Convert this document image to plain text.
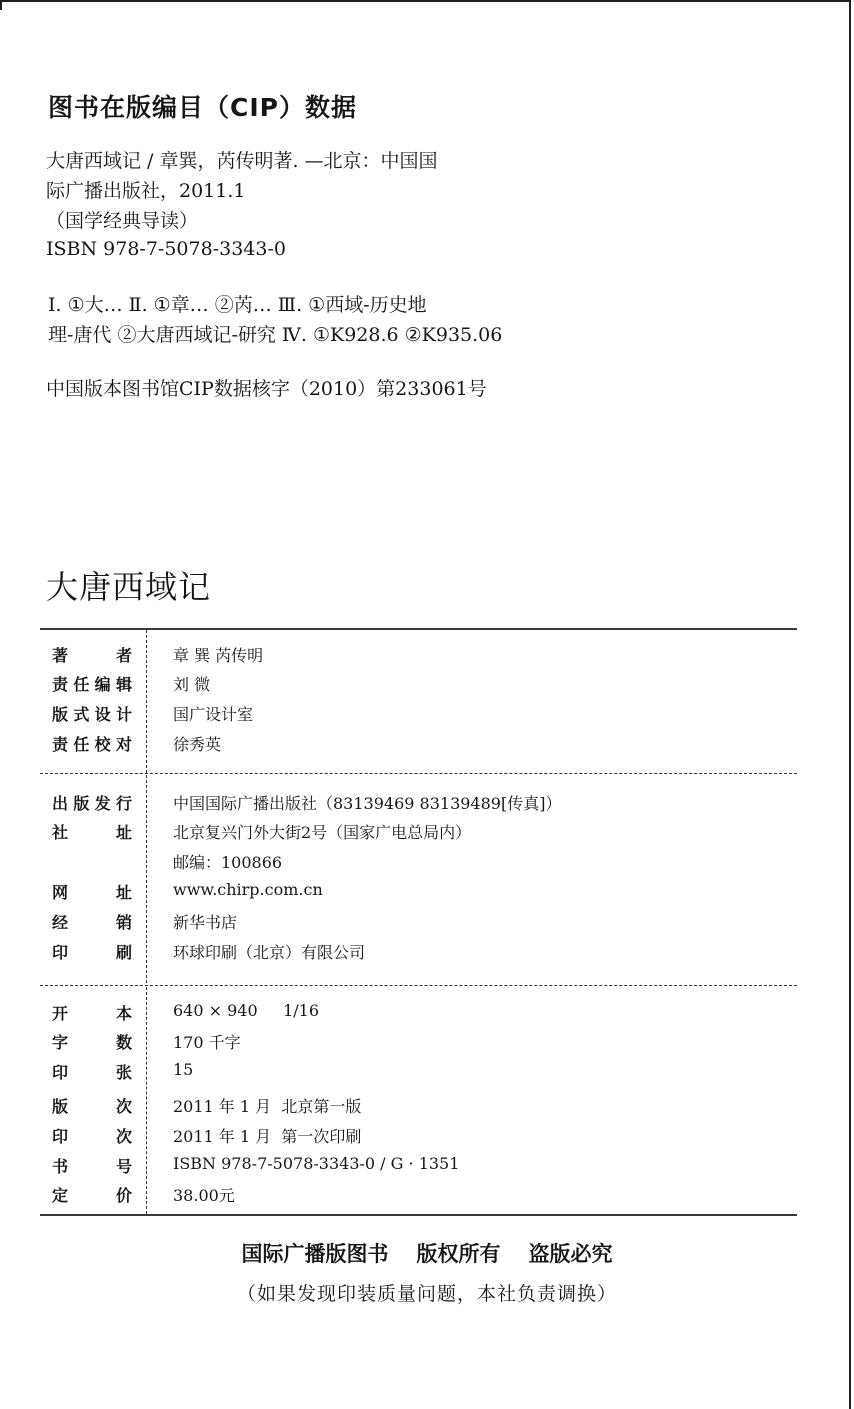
图书在版编目（CIP）数据

大唐西域记 / 章巽，芮传明著. —北京：中国国

际广播出版社，2011.1

（国学经典导读）

ISBN 978-7-5078-3343-0

Ⅰ. ①大… Ⅱ. ①章… ②芮… Ⅲ. ①西域-历史地

理-唐代 ②大唐西域记-研究 Ⅳ. ①K928.6 ②K935.06

中国版本图书馆CIP数据核字（2010）第233061号

大唐西域记
著 者	章 巽 芮传明
责任编辑	刘 微
版式设计	国广设计室
责任校对	徐秀英
出版发行	中国国际广播出版社（83139469 83139489[传真]）
社 址	北京复兴门外大街2号（国家广电总局内）
邮编：100866
网 址	www.chirp.com.cn
经 销	新华书店
印 刷	环球印刷（北京）有限公司
开 本	640 × 940     1/16
字 数	170 千字
印 张	15
版 次	2011 年 1 月  北京第一版
印 次	2011 年 1 月  第一次印刷
书 号	ISBN 978-7-5078-3343-0 / G · 1351
定 价	38.00元

国际广播版图书 版权所有 盗版必究

（如果发现印装质量问题，本社负责调换）
